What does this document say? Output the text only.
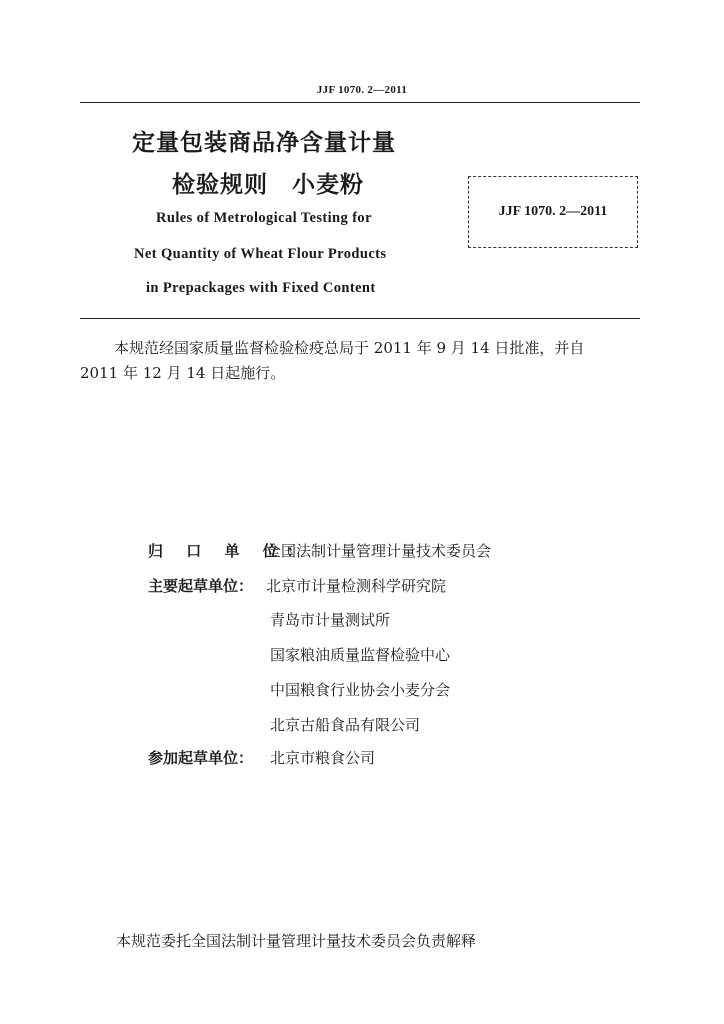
JJF 1070. 2—2011
定量包装商品净含量计量
检验规则　小麦粉
Rules of Metrological Testing for
Net Quantity of Wheat Flour Products
in Prepackages with Fixed Content
JJF 1070. 2—2011
本规范经国家质量监督检验检疫总局于 2011 年 9 月 14 日批准，并自
2011 年 12 月 14 日起施行。
归 口 单 位：全国法制计量管理计量技术委员会
主要起草单位： 北京市计量检测科学研究院
青岛市计量测试所
国家粮油质量监督检验中心
中国粮食行业协会小麦分会
北京古船食品有限公司
参加起草单位： 北京市粮食公司
本规范委托全国法制计量管理计量技术委员会负责解释
